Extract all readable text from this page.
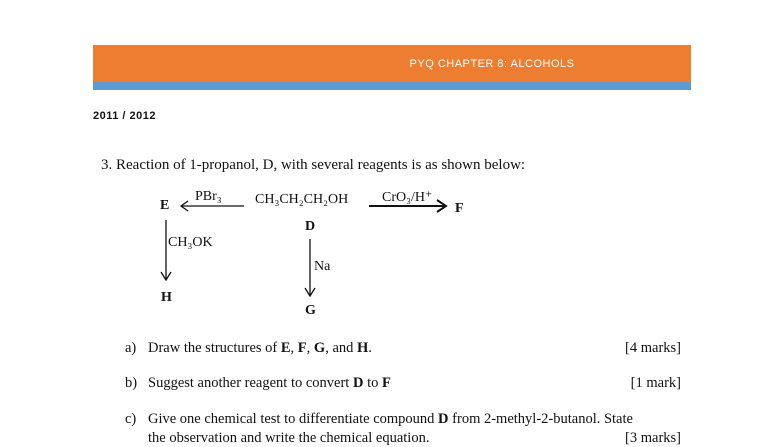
PYQ CHAPTER 8: ALCOHOLS
2011 / 2012
3. Reaction of 1-propanol, D, with several reagents is as shown below:
E
PBr₃ CH₃CH₂CH₂OH CrO₃/H⁺
F
D
CH₃OK
Na
H
G
a) Draw the structures of E, F, G, and H.	[4 marks]
b) Suggest another reagent to convert D to F	[1 mark]
c) Give one chemical test to differentiate compound D from 2-methyl-2-butanol. State
the observation and write the chemical equation.	[3 marks]
